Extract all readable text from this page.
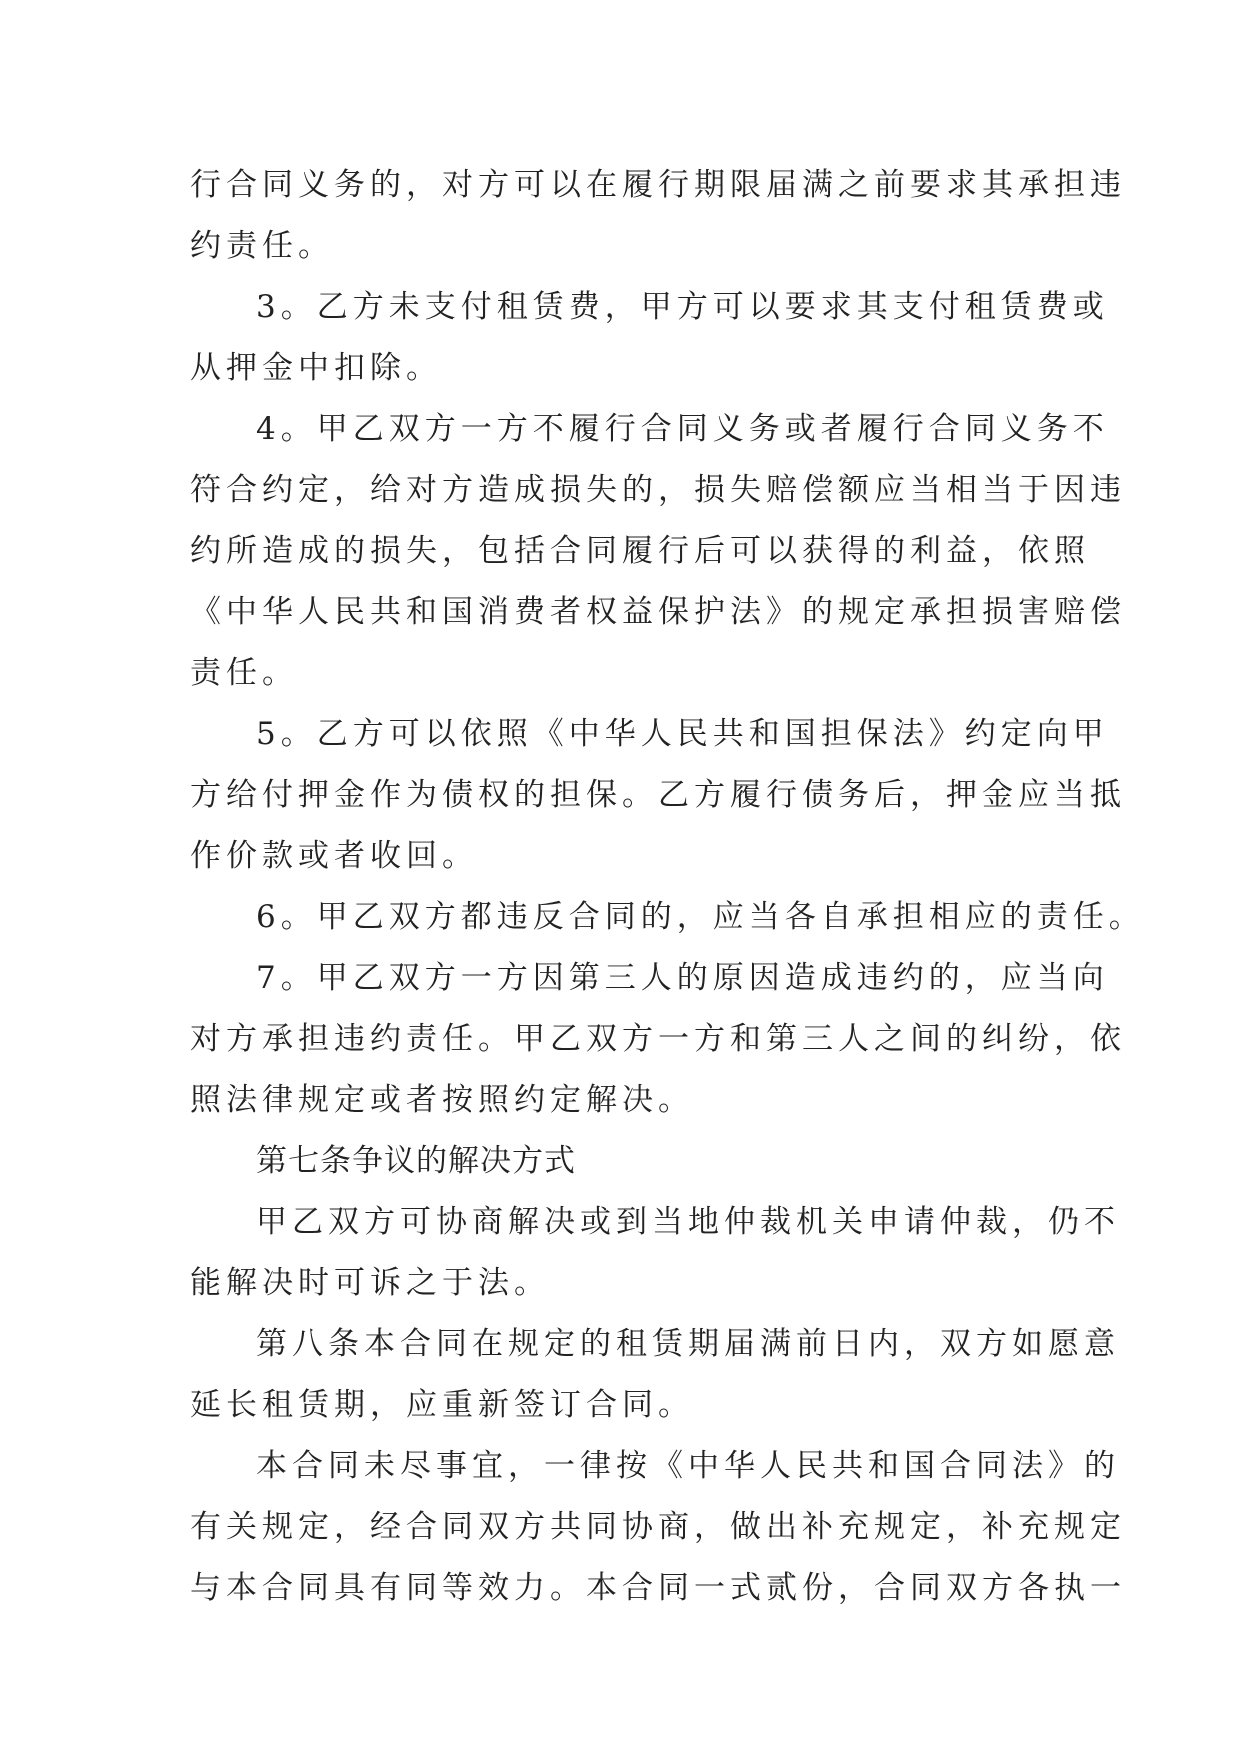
行合同义务的，对方可以在履行期限届满之前要求其承担违
约责任。
3。乙方未支付租赁费，甲方可以要求其支付租赁费或
从押金中扣除。
4。甲乙双方一方不履行合同义务或者履行合同义务不
符合约定，给对方造成损失的，损失赔偿额应当相当于因违
约所造成的损失，包括合同履行后可以获得的利益，依照
《中华人民共和国消费者权益保护法》的规定承担损害赔偿
责任。
5。乙方可以依照《中华人民共和国担保法》约定向甲
方给付押金作为债权的担保。乙方履行债务后，押金应当抵
作价款或者收回。
6。甲乙双方都违反合同的，应当各自承担相应的责任。
7。甲乙双方一方因第三人的原因造成违约的，应当向
对方承担违约责任。甲乙双方一方和第三人之间的纠纷，依
照法律规定或者按照约定解决。
第七条争议的解决方式
甲乙双方可协商解决或到当地仲裁机关申请仲裁，仍不
能解决时可诉之于法。
第八条本合同在规定的租赁期届满前日内，双方如愿意
延长租赁期，应重新签订合同。
本合同未尽事宜，一律按《中华人民共和国合同法》的
有关规定，经合同双方共同协商，做出补充规定，补充规定
与本合同具有同等效力。本合同一式贰份，合同双方各执一
